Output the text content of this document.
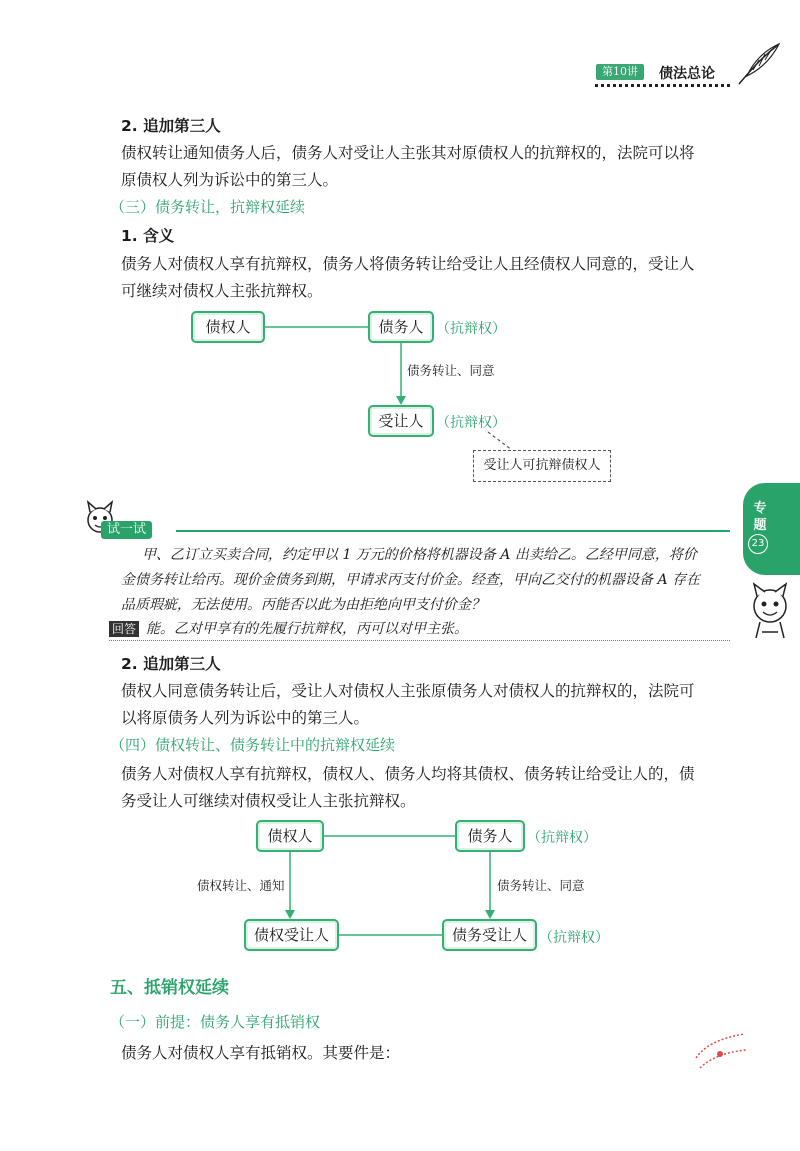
第10讲	债法总论
2. 追加第三人
债权转让通知债务人后，债务人对受让人主张其对原债权人的抗辩权的，法院可以将
原债权人列为诉讼中的第三人。
（三）债务转让，抗辩权延续
1. 含义
债务人对债权人享有抗辩权，债务人将债务转让给受让人且经债权人同意的，受让人
可继续对债权人主张抗辩权。
债权人	债务人 （抗辩权）
债务转让、同意
受让人 （抗辩权）
受让人可抗辩债权人
试一试
甲、乙订立买卖合同，约定甲以 1 万元的价格将机器设备 A 出卖给乙。乙经甲同意，将价
金债务转让给丙。现价金债务到期，甲请求丙支付价金。经查，甲向乙交付的机器设备 A 存在
品质瑕疵，无法使用。丙能否以此为由拒绝向甲支付价金？
回答 能。乙对甲享有的先履行抗辩权，丙可以对甲主张。
专题
23
2. 追加第三人
债权人同意债务转让后，受让人对债权人主张原债务人对债权人的抗辩权的，法院可
以将原债务人列为诉讼中的第三人。
（四）债权转让、债务转让中的抗辩权延续
债务人对债权人享有抗辩权，债权人、债务人均将其债权、债务转让给受让人的，债
务受让人可继续对债权受让人主张抗辩权。
债权人	债务人	（抗辩权）
债权转让、通知	债务转让、同意
债权受让人	债务受让人 （抗辩权）
五、抵销权延续
（一）前提：债务人享有抵销权
债务人对债权人享有抵销权。其要件是：
